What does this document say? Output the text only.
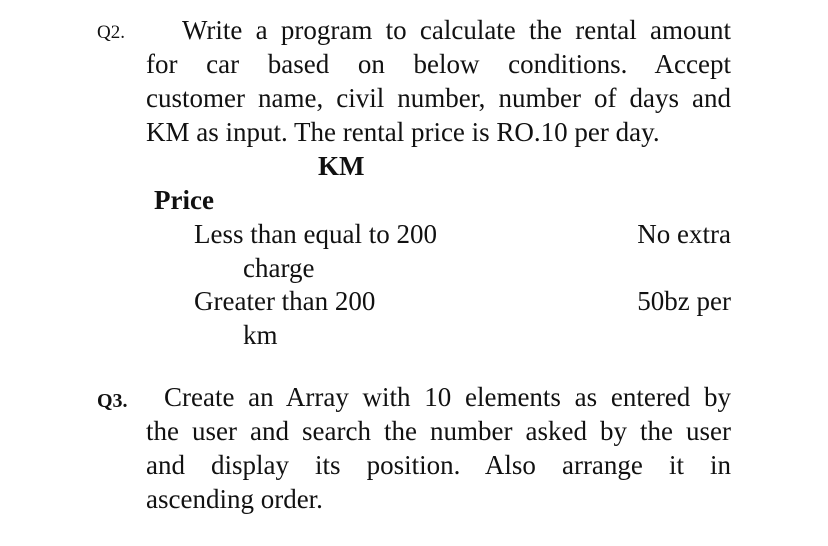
Q2.	Write a program to calculate the rental amount
for car based on below conditions. Accept
customer name, civil number, number of days and
KM as input. The rental price is RO.10 per day.
KM
Price
Less than equal to 200	No extra
charge
Greater than 200	50bz per
km
Q3.	Create an Array with 10 elements as entered by
the user and search the number asked by the user
and display its position. Also arrange it in
ascending order.
